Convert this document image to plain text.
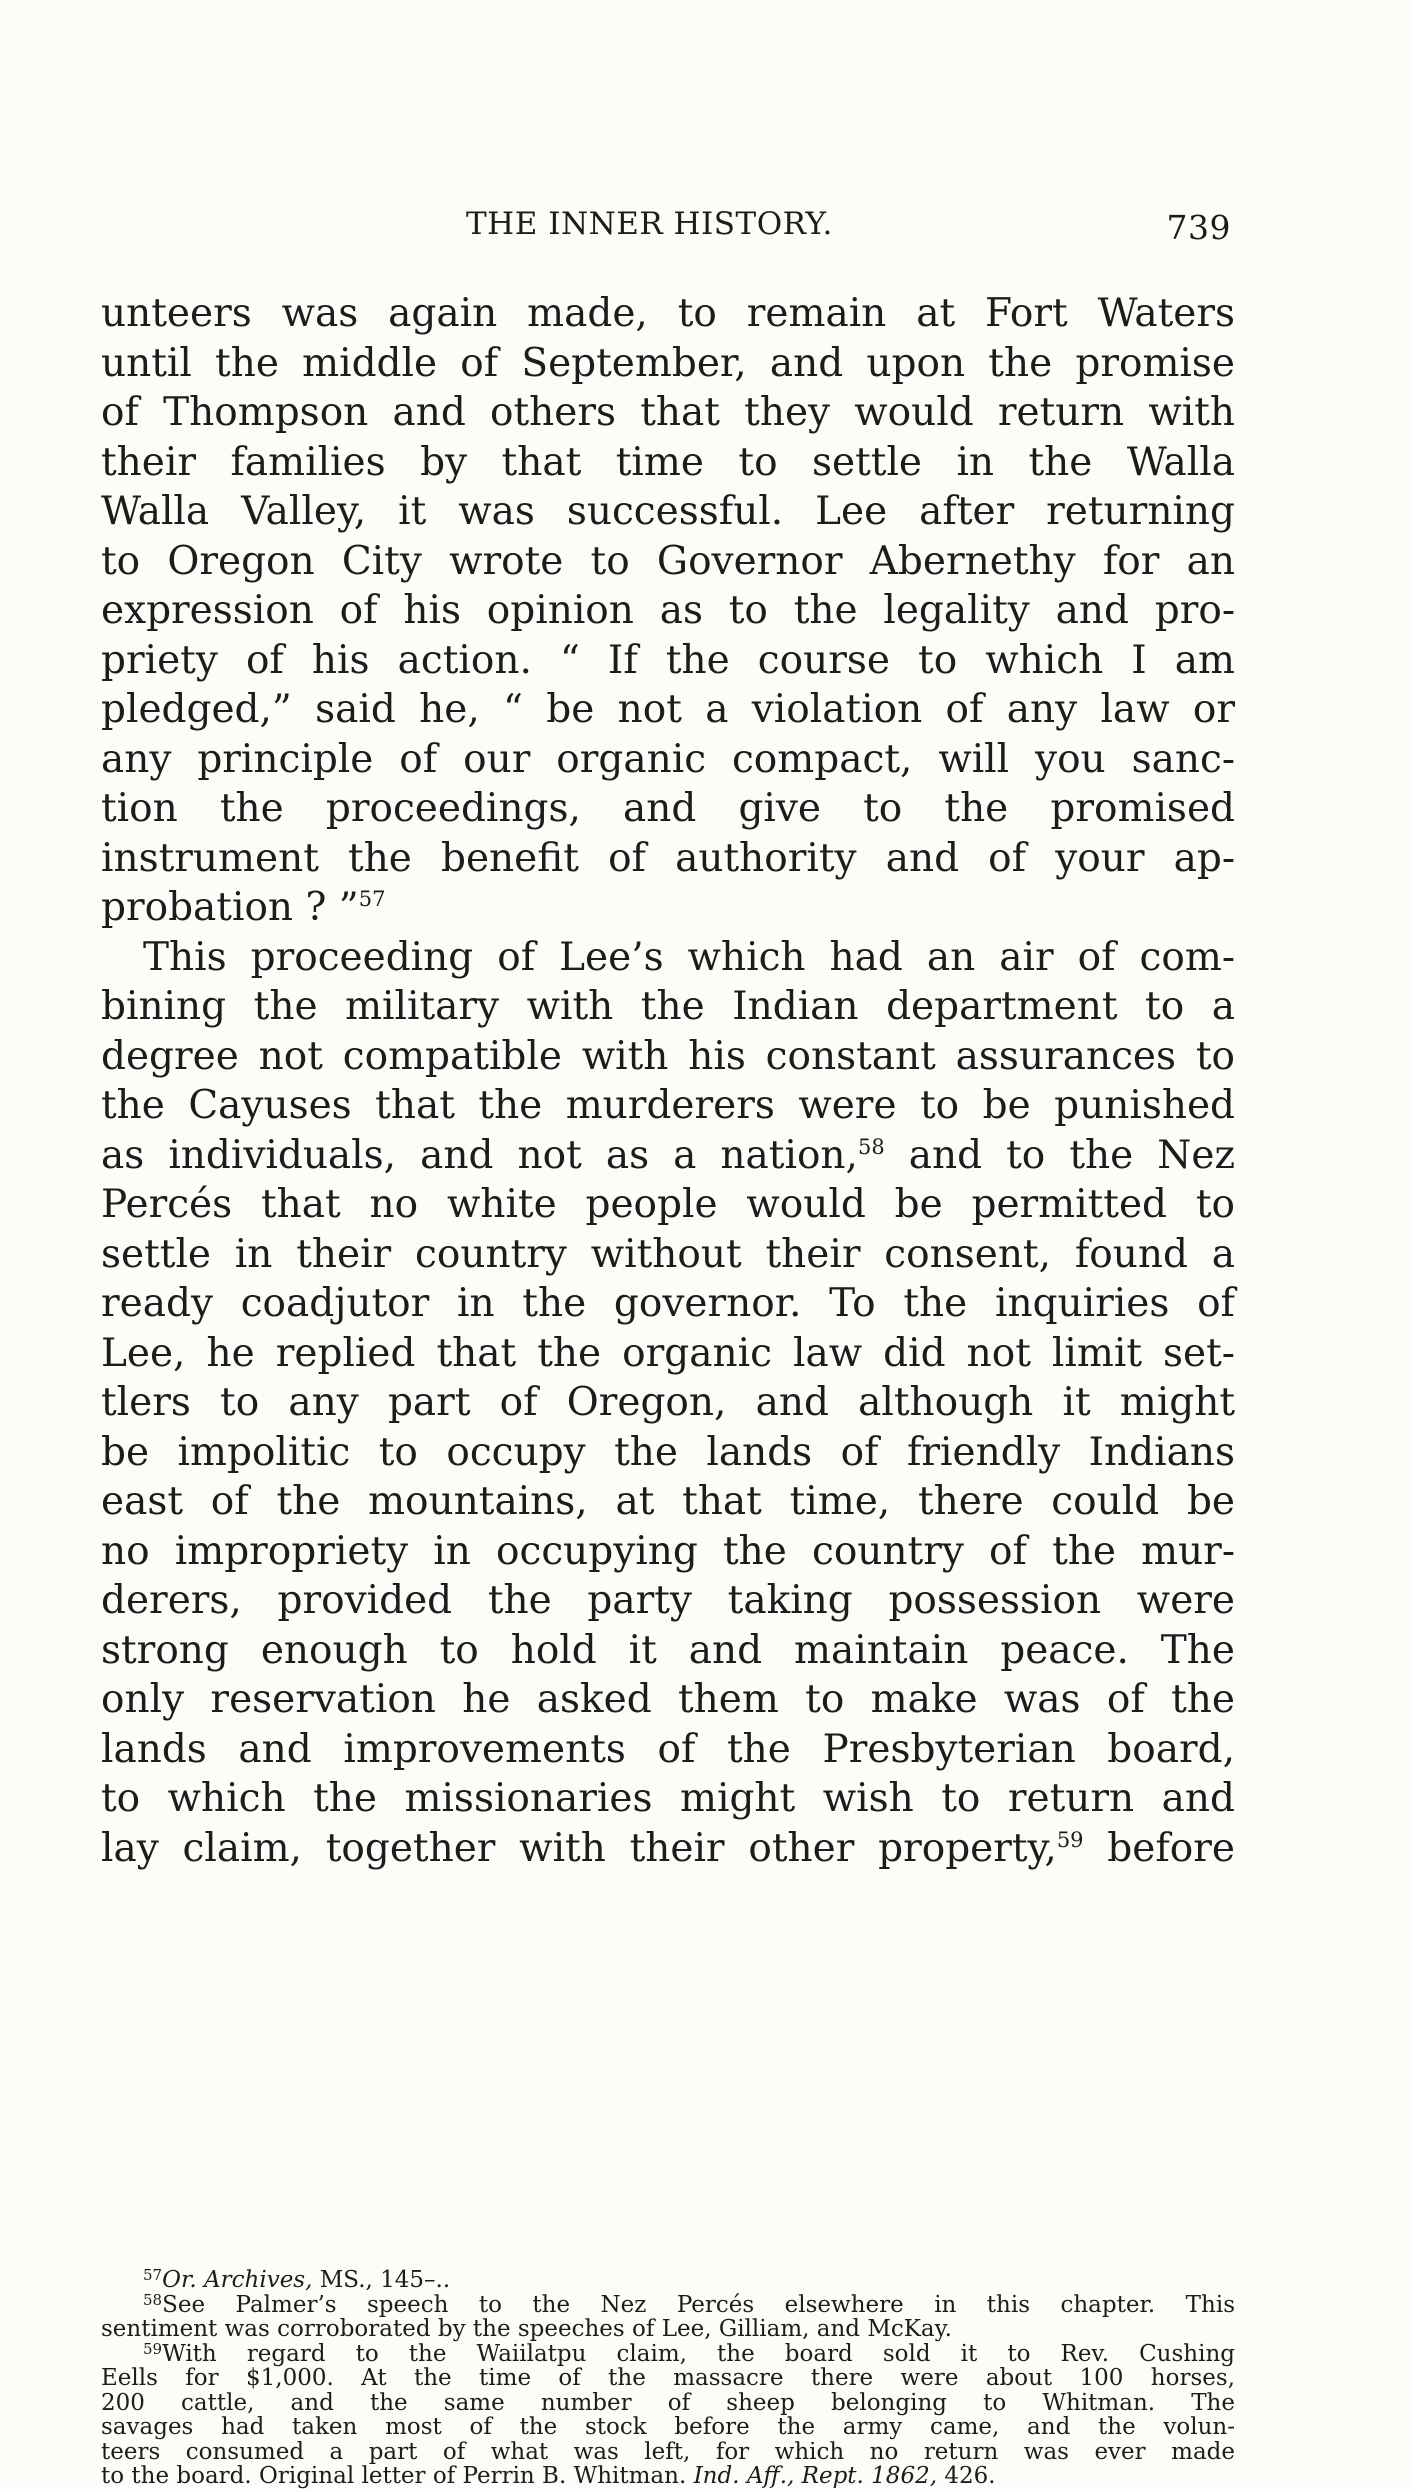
THE INNER HISTORY.	739
unteers was again made, to remain at Fort Waters
until the middle of September, and upon the promise
of Thompson and others that they would return with
their families by that time to settle in the Walla
Walla Valley, it was successful. Lee after returning
to Oregon City wrote to Governor Abernethy for an
expression of his opinion as to the legality and pro-
priety of his action. “ If the course to which I am
pledged,” said he, “ be not a violation of any law or
any principle of our organic compact, will you sanc-
tion the proceedings, and give to the promised
instrument the benefit of authority and of your ap-
probation ? ”$^{57}$
This proceeding of Lee’s which had an air of com-
bining the military with the Indian department to a
degree not compatible with his constant assurances to
the Cayuses that the murderers were to be punished
as individuals, and not as a nation,$^{58}$ and to the Nez
Percés that no white people would be permitted to
settle in their country without their consent, found a
ready coadjutor in the governor. To the inquiries of
Lee, he replied that the organic law did not limit set-
tlers to any part of Oregon, and although it might
be impolitic to occupy the lands of friendly Indians
east of the mountains, at that time, there could be
no impropriety in occupying the country of the mur-
derers, provided the party taking possession were
strong enough to hold it and maintain peace. The
only reservation he asked them to make was of the
lands and improvements of the Presbyterian board,
to which the missionaries might wish to return and
lay claim, together with their other property,$^{59}$ before
$^{57}$Or. Archives, MS., 145–..
$^{58}$See Palmer’s speech to the Nez Percés elsewhere in this chapter. This
sentiment was corroborated by the speeches of Lee, Gilliam, and McKay.
$^{59}$With regard to the Waiilatpu claim, the board sold it to Rev. Cushing
Eells for $1,000. At the time of the massacre there were about 100 horses,
200 cattle, and the same number of sheep belonging to Whitman. The
savages had taken most of the stock before the army came, and the volun-
teers consumed a part of what was left, for which no return was ever made
to the board. Original letter of Perrin B. Whitman. Ind. Aff., Rept. 1862, 426.
